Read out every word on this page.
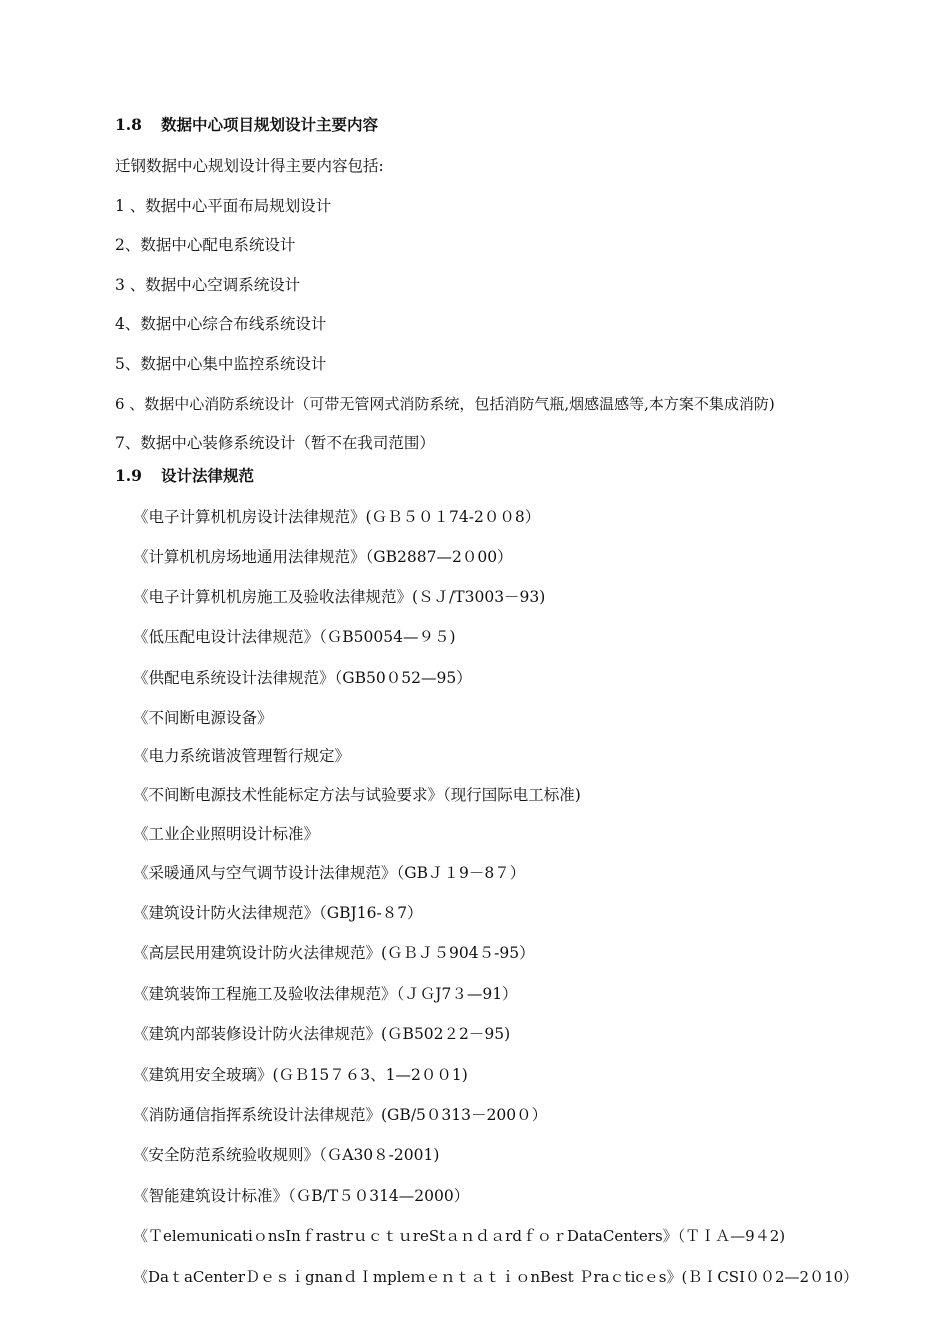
1.8 数据中心项目规划设计主要内容
迁钢数据中心规划设计得主要内容包括:
1 、数据中心平面布局规划设计
2、数据中心配电系统设计
3 、数据中心空调系统设计
4、数据中心综合布线系统设计
5、数据中心集中监控系统设计
6 、数据中心消防系统设计（可带无管网式消防系统，包括消防气瓶,烟感温感等,本方案不集成消防)
7、数据中心装修系统设计（暂不在我司范围）
1.9 设计法律规范
《电子计算机机房设计法律规范》(ＧＢ５０１74-2００8）
《计算机机房场地通用法律规范》（GB2887—2０00）
《电子计算机机房施工及验收法律规范》(ＳＪ/T3003－93)
《低压配电设计法律规范》（ＧB50054—９５)
《供配电系统设计法律规范》（GB50０52—95）
《不间断电源设备》
《电力系统谐波管理暂行规定》
《不间断电源技术性能标定方法与试验要求》（现行国际电工标准)
《工业企业照明设计标准》
《采暖通风与空气调节设计法律规范》（GBＪ１9－8７）
《建筑设计防火法律规范》（GBJ16-８7）
《高层民用建筑设计防火法律规范》(ＧＢＪ５904５-95）
《建筑装饰工程施工及验收法律规范》（ＪＧJ7３—91）
《建筑内部装修设计防火法律规范》(ＧB502２2－95)
《建筑用安全玻璃》(ＧＢ15７６3、1—2００1)
《消防通信指挥系统设计法律规范》(GB/5０313－200０）
《安全防范系统验收规则》（ＧA30８-2001)
《智能建筑设计标准》（ＧB/T５０314—2000）
《ＴeleｍunicatiｏnsInｆrastrｕｃｔｕreStａｎｄａrdｆｏｒDataCenters》（ＴＩＡ—9４2)
《DaｔaCenterＤｅｓｉgnanｄＩmpleｍｅｎｔａｔｉｏnBest Ｐraｃticｅs》(ＢＩCSI００2—2０10）
